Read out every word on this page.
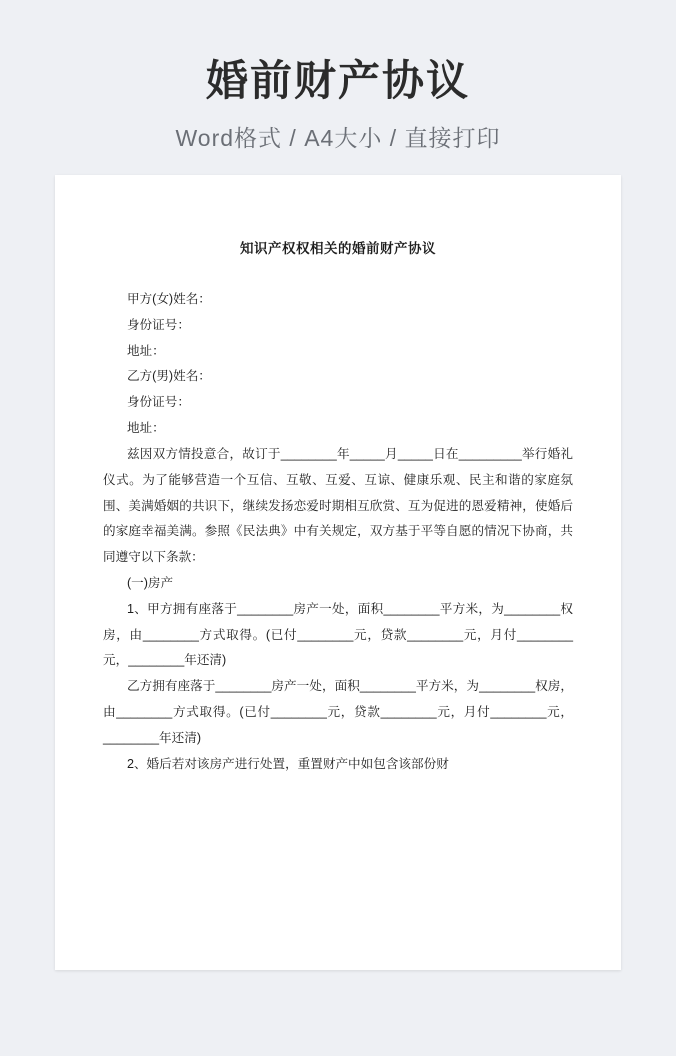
婚前财产协议
Word格式 / A4大小 / 直接打印
知识产权权相关的婚前财产协议

甲方(女)姓名：

身份证号：

地址：

乙方(男)姓名：

身份证号：

地址：

兹因双方情投意合，故订于________年_____月_____日在_________举行婚礼仪式。为了能够营造一个互信、互敬、互爱、互谅、健康乐观、民主和谐的家庭氛围、美满婚姻的共识下，继续发扬恋爱时期相互欣赏、互为促进的恩爱精神，使婚后的家庭幸福美满。参照《民法典》中有关规定，双方基于平等自愿的情况下协商，共同遵守以下条款：

(一)房产

1、甲方拥有座落于________房产一处，面积________平方米，为________权房，由________方式取得。(已付________元，贷款________元，月付________元，________年还清)

乙方拥有座落于________房产一处，面积________平方米，为________权房，由________方式取得。(已付________元，贷款________元，月付________元，________年还清)

2、婚后若对该房产进行处置，重置财产中如包含该部份财
